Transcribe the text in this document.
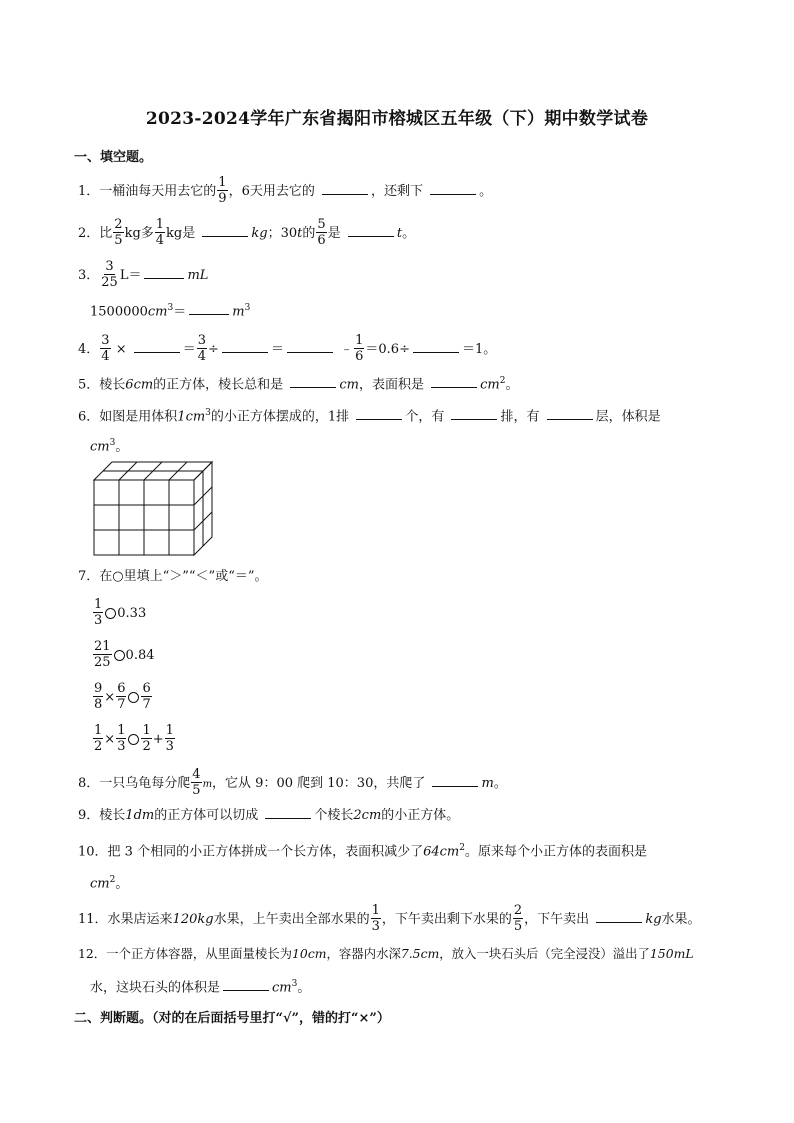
2023-2024学年广东省揭阳市榕城区五年级（下）期中数学试卷
一、填空题。
1．一桶油每天用去它的 $\frac{1}{9}$ ，6天用去它的	，还剩下	。
2．比 $\frac{2}{5}$ kg多 $\frac{1}{4}$ kg是	kg；30t的 $\frac{5}{6}$ 是	t。
3． $\frac{3}{25} L=$	mL
$1500000cm^3=$	$m^3$
4． $\frac{3}{4}$ ×	＝ $\frac{3}{4}$ ÷	＝	﹣ $\frac{1}{6} =0.6\div$	＝1。
5．棱长6cm的正方体，棱长总和是	cm，表面积是	$cm^2$。
6．如图是用体积$1cm^3$的小正方体摆成的，1排	个，有	排，有	层，体积是
$cm^3$。
7．在○里填上“＞”“＜”或“＝”。
$\frac{1}{3} 0.33$
$\frac{21}{25} 0.84$
$\frac{9}{8} \times \frac{6}{7} \frac{6}{7}$
$\frac{1}{2} \times \frac{1}{3} \frac{1}{2} + \frac{1}{3}$
8．一只乌龟每分爬 $\frac{4}{5}$ m，它从 9：00 爬到 10：30，共爬了	m。
9．棱长1dm的正方体可以切成	个棱长2cm的小正方体。
10．把 3 个相同的小正方体拼成一个长方体，表面积减少了$64cm^2$。原来每个小正方体的表面积是
$cm^2$。
11．水果店运来120kg水果，上午卖出全部水果的 $\frac{1}{3}$ ，下午卖出剩下水果的 $\frac{2}{5}$ ，下午卖出	kg水果。
12．一个正方体容器，从里面量棱长为10cm，容器内水深7.5cm，放入一块石头后（完全浸没）溢出了150mL
水，这块石头的体积是	$cm^3$。
二、判断题。（对的在后面括号里打“√”，错的打“×”）
